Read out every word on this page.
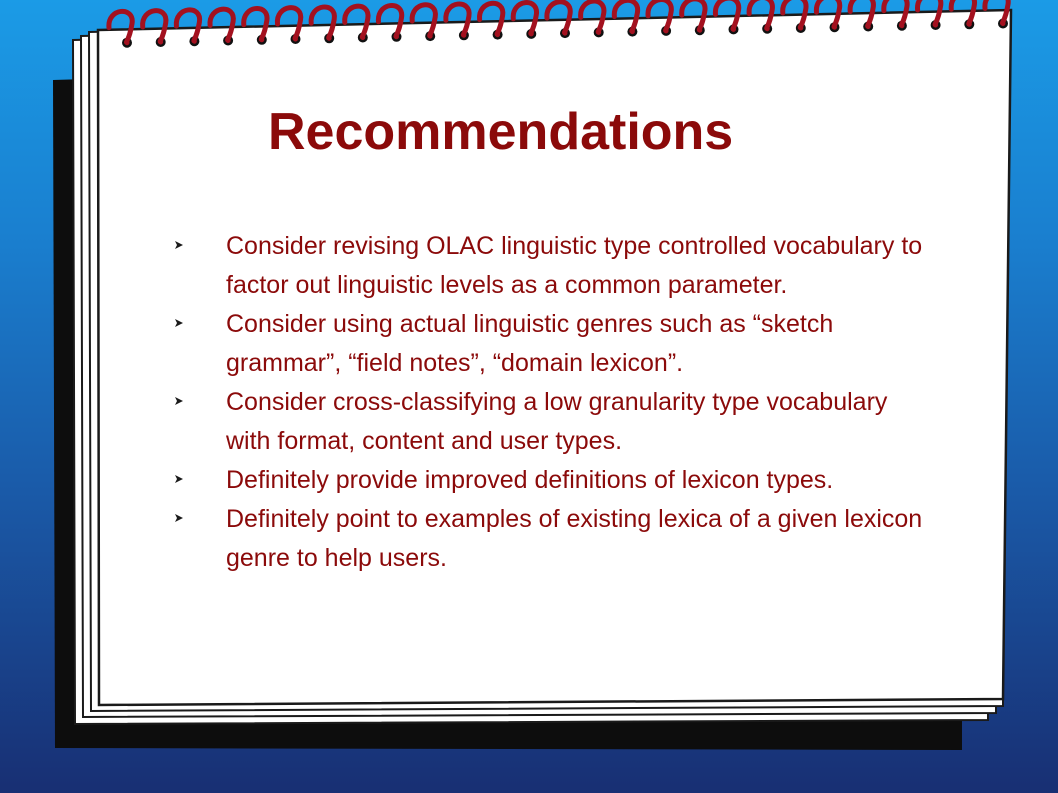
Recommendations
Consider revising OLAC linguistic type controlled vocabulary to factor out linguistic levels as a common parameter.
Consider using actual linguistic genres such as “sketch grammar”, “field notes”, “domain lexicon”.
Consider cross-classifying a low granularity type vocabulary with format, content and user types.
Definitely provide improved definitions of lexicon types.
Definitely point to examples of existing lexica of a given lexicon genre to help users.
